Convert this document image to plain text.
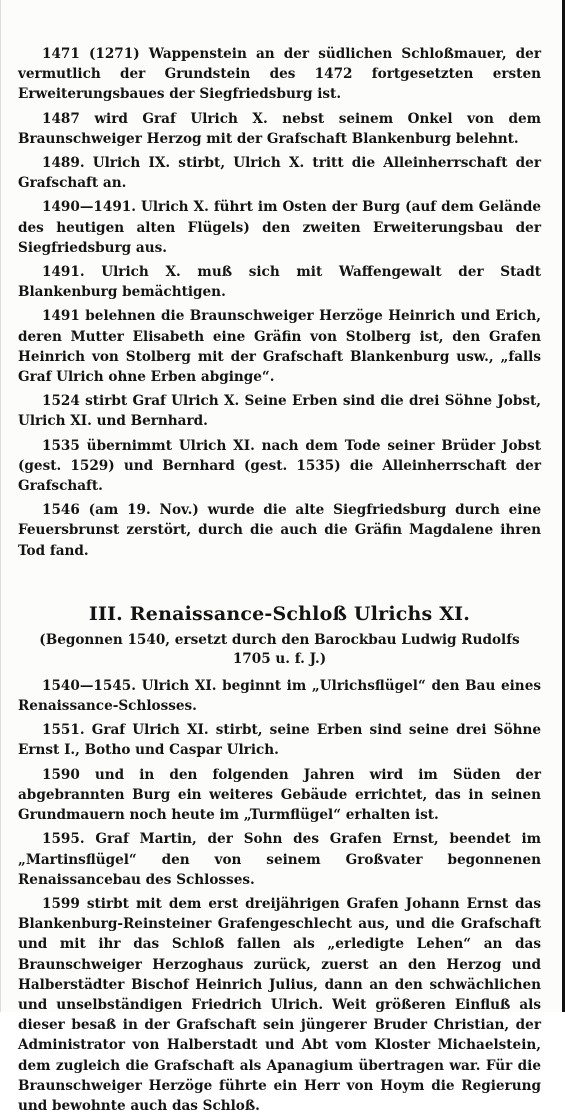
1471 (1271) Wappenstein an der südlichen Schloßmauer, der vermutlich der Grundstein des 1472 fortgesetzten ersten Erweiterungsbaues der Siegfriedsburg ist.

1487 wird Graf Ulrich X. nebst seinem Onkel von dem Braunschweiger Herzog mit der Grafschaft Blankenburg belehnt.

1489. Ulrich IX. stirbt, Ulrich X. tritt die Alleinherrschaft der Grafschaft an.

1490—1491. Ulrich X. führt im Osten der Burg (auf dem Gelände des heutigen alten Flügels) den zweiten Erweiterungsbau der Siegfriedsburg aus.

1491. Ulrich X. muß sich mit Waffengewalt der Stadt Blankenburg bemächtigen.

1491 belehnen die Braunschweiger Herzöge Heinrich und Erich, deren Mutter Elisabeth eine Gräfin von Stolberg ist, den Grafen Heinrich von Stolberg mit der Grafschaft Blankenburg usw., „falls Graf Ulrich ohne Erben abginge“.

1524 stirbt Graf Ulrich X. Seine Erben sind die drei Söhne Jobst, Ulrich XI. und Bernhard.

1535 übernimmt Ulrich XI. nach dem Tode seiner Brüder Jobst (gest. 1529) und Bernhard (gest. 1535) die Alleinherrschaft der Grafschaft.

1546 (am 19. Nov.) wurde die alte Siegfriedsburg durch eine Feuersbrunst zerstört, durch die auch die Gräfin Magdalene ihren Tod fand.

III. Renaissance-Schloß Ulrichs XI.

(Begonnen 1540, ersetzt durch den Barockbau Ludwig Rudolfs
1705 u. f. J.)

1540—1545. Ulrich XI. beginnt im „Ulrichsflügel“ den Bau eines Renaissance-Schlosses.

1551. Graf Ulrich XI. stirbt, seine Erben sind seine drei Söhne Ernst I., Botho und Caspar Ulrich.

1590 und in den folgenden Jahren wird im Süden der abgebrannten Burg ein weiteres Gebäude errichtet, das in seinen Grundmauern noch heute im „Turmflügel“ erhalten ist.

1595. Graf Martin, der Sohn des Grafen Ernst, beendet im „Martinsflügel“ den von seinem Großvater begonnenen Renaissancebau des Schlosses.

1599 stirbt mit dem erst dreijährigen Grafen Johann Ernst das Blankenburg-Reinsteiner Grafengeschlecht aus, und die Grafschaft und mit ihr das Schloß fallen als „erledigte Lehen“ an das Braunschweiger Herzoghaus zurück, zuerst an den Herzog und Halberstädter Bischof Heinrich Julius, dann an den schwächlichen und unselbständigen Friedrich Ulrich. Weit größeren Einfluß als dieser besaß in der Grafschaft sein jüngerer Bruder Christian, der Administrator von Halberstadt und Abt vom Kloster Michaelstein, dem zugleich die Grafschaft als Apanagium übertragen war. Für die Braunschweiger Herzöge führte ein Herr von Hoym die Regierung und bewohnte auch das Schloß.
